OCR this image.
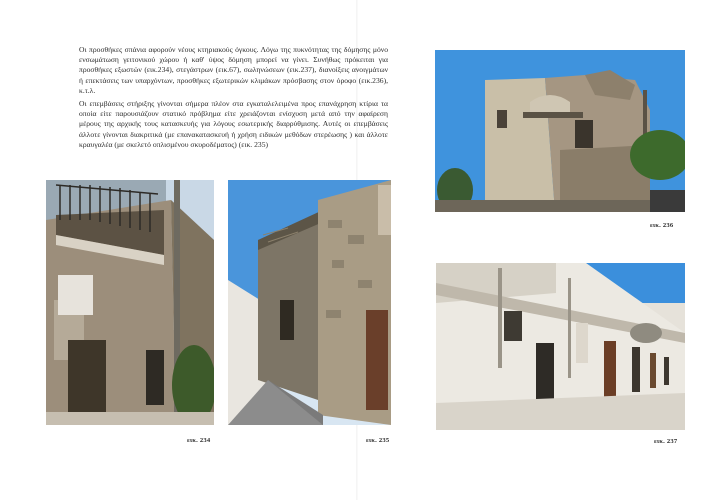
Οι προσθήκες σπάνια αφορούν νέους κτηριακούς όγκους. Λόγω της πυκνότητας της δόμησης μόνο ενσωμάτωση γειτονικού χώρου ή καθ' ύψος δόμηση μπορεί να γίνει. Συνήθως πρόκειται για προσθήκες εξωστών (εικ.234), στεγάστρων (εικ.67), σωληνώσεων (εικ.237), διανοίξεις ανοιγμάτων ή επεκτάσεις των υπαρχόντων, προσθήκες εξωτερικών κλιμάκων πρόσβασης στον όροφο (εικ.236), κ.τ.λ.

Οι επεμβάσεις στήριξης γίνονται σήμερα πλέον στα εγκαταλελειμένα προς επανάχρηση κτίρια τα οποία είτε παρουσιάζουν στατικό πρόβλημα είτε χρειάζονται ενίσχυση μετά από την αφαίρεση μέρους της αρχικής τους κατασκευής για λόγους εσωτερικής διαρρύθμισης. Αυτές οι επεμβάσεις άλλοτε γίνονται διακριτικά (με επανακατασκευή ή χρήση ειδικών μεθόδων στερέωσης ) και άλλοτε κραυγαλέα (με σκελετό οπλισμένου σκυροδέματος) (εικ. 235)

εικ. 234	εικ. 235
εικ. 236
εικ. 237
